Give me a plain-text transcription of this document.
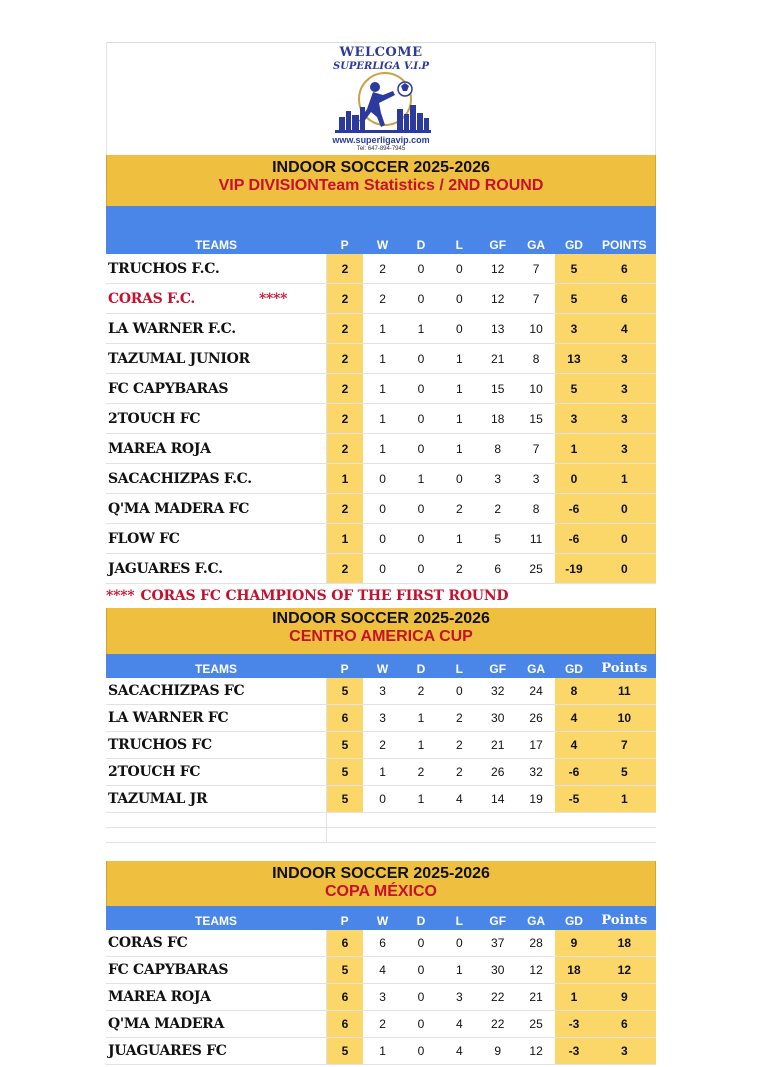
WELCOME
SUPERLIGA V.I.P
www.superligavip.com
Tel: 647-894-7945
INDOOR SOCCER 2025-2026
VIP DIVISIONTeam Statistics / 2ND ROUND
TEAMS	P	W	D	L	GF	GA	GD	POINTS
TRUCHOS F.C.	2	2	0	0	12	7	5	6
CORAS F.C. ****	2	2	0	0	12	7	5	6
LA WARNER F.C.	2	1	1	0	13	10	3	4
TAZUMAL JUNIOR	2	1	0	1	21	8	13	3
FC CAPYBARAS	2	1	0	1	15	10	5	3
2TOUCH FC	2	1	0	1	18	15	3	3
MAREA ROJA	2	1	0	1	8	7	1	3
SACACHIZPAS F.C.	1	0	1	0	3	3	0	1
Q'MA MADERA FC	2	0	0	2	2	8	-6	0
FLOW FC	1	0	0	1	5	11	-6	0
JAGUARES F.C.	2	0	0	2	6	25	-19	0
**** CORAS FC CHAMPIONS OF THE FIRST ROUND
INDOOR SOCCER 2025-2026
CENTRO AMERICA CUP
TEAMS	P	W	D	L	GF	GA	GD	Points
SACACHIZPAS FC	5	3	2	0	32	24	8	11
LA WARNER FC	6	3	1	2	30	26	4	10
TRUCHOS FC	5	2	1	2	21	17	4	7
2TOUCH FC	5	1	2	2	26	32	-6	5
TAZUMAL JR	5	0	1	4	14	19	-5	1

INDOOR SOCCER 2025-2026
COPA MÉXICO
TEAMS	P	W	D	L	GF	GA	GD	Points
CORAS FC	6	6	0	0	37	28	9	18
FC CAPYBARAS	5	4	0	1	30	12	18	12
MAREA ROJA	6	3	0	3	22	21	1	9
Q'MA MADERA	6	2	0	4	22	25	-3	6
JUAGUARES FC	5	1	0	4	9	12	-3	3
